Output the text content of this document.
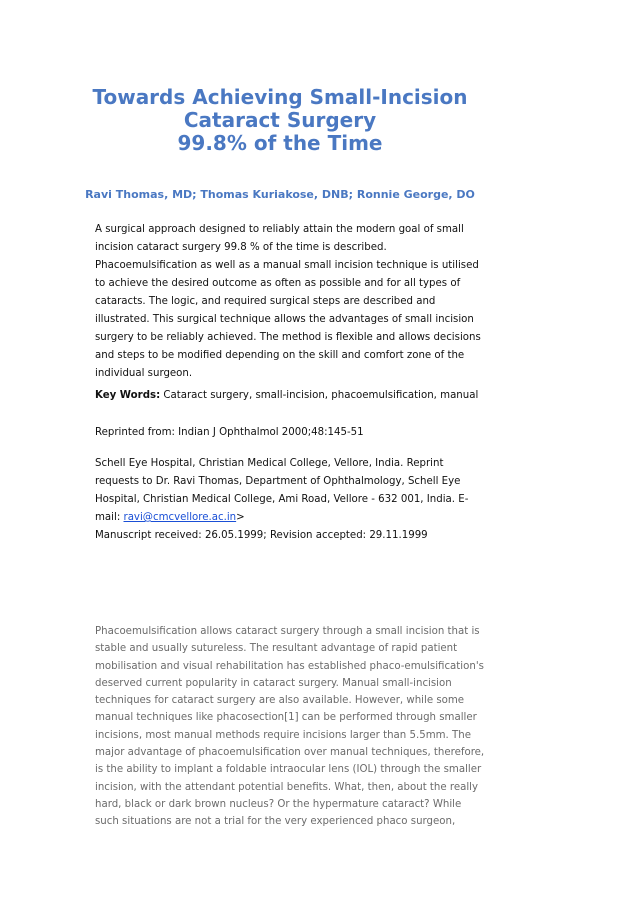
Towards Achieving Small-Incision
Cataract Surgery
99.8% of the Time
Ravi Thomas, MD; Thomas Kuriakose, DNB; Ronnie George, DO
A surgical approach designed to reliably attain the modern goal of small
incision cataract surgery 99.8 % of the time is described.
Phacoemulsification as well as a manual small incision technique is utilised
to achieve the desired outcome as often as possible and for all types of
cataracts. The logic, and required surgical steps are described and
illustrated. This surgical technique allows the advantages of small incision
surgery to be reliably achieved. The method is flexible and allows decisions
and steps to be modified depending on the skill and comfort zone of the
individual surgeon.
Key Words: Cataract surgery, small-incision, phacoemulsification, manual
Reprinted from: Indian J Ophthalmol 2000;48:145-51
Schell Eye Hospital, Christian Medical College, Vellore, India. Reprint
requests to Dr. Ravi Thomas, Department of Ophthalmology, Schell Eye
Hospital, Christian Medical College, Ami Road, Vellore - 632 001, India. E-
mail: ravi@cmcvellore.ac.in>
Manuscript received: 26.05.1999; Revision accepted: 29.11.1999
Phacoemulsification allows cataract surgery through a small incision that is
stable and usually sutureless. The resultant advantage of rapid patient
mobilisation and visual rehabilitation has established phaco-emulsification's
deserved current popularity in cataract surgery. Manual small-incision
techniques for cataract surgery are also available. However, while some
manual techniques like phacosection[1] can be performed through smaller
incisions, most manual methods require incisions larger than 5.5mm. The
major advantage of phacoemulsification over manual techniques, therefore,
is the ability to implant a foldable intraocular lens (IOL) through the smaller
incision, with the attendant potential benefits. What, then, about the really
hard, black or dark brown nucleus? Or the hypermature cataract? While
such situations are not a trial for the very experienced phaco surgeon,
